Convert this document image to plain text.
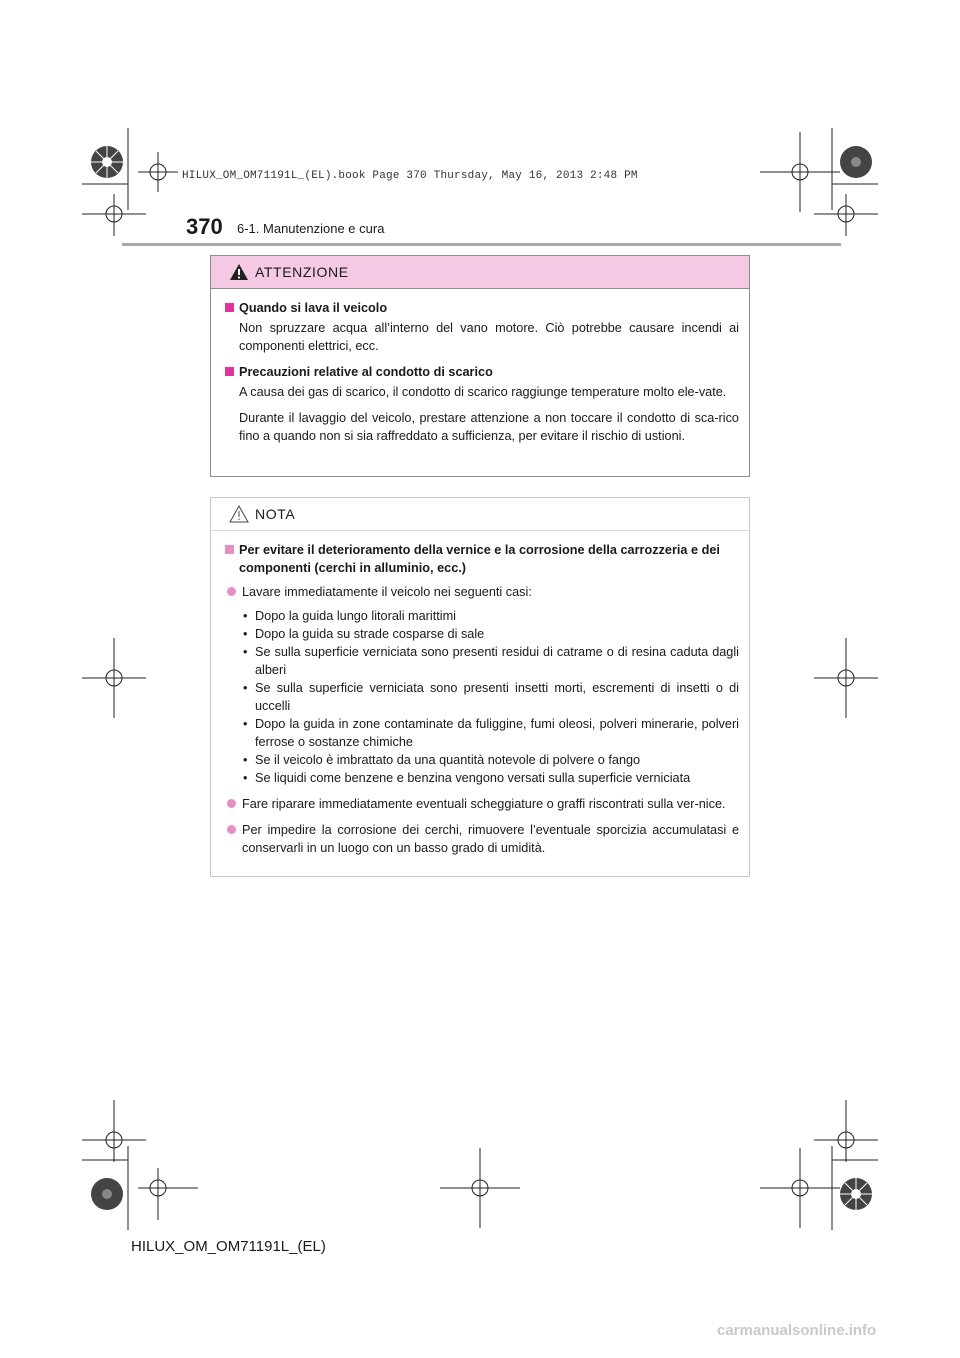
HILUX_OM_OM71191L_(EL).book Page 370 Thursday, May 16, 2013 2:48 PM
370 6-1. Manutenzione e cura
ATTENZIONE
Quando si lava il veicolo
Non spruzzare acqua all’interno del vano motore. Ciò potrebbe causare incendi ai componenti elettrici, ecc.
Precauzioni relative al condotto di scarico
A causa dei gas di scarico, il condotto di scarico raggiunge temperature molto ele-vate.
Durante il lavaggio del veicolo, prestare attenzione a non toccare il condotto di sca-rico fino a quando non si sia raffreddato a sufficienza, per evitare il rischio di ustioni.
NOTA
Per evitare il deterioramento della vernice e la corrosione della carrozzeria e dei componenti (cerchi in alluminio, ecc.)
Lavare immediatamente il veicolo nei seguenti casi:
• Dopo la guida lungo litorali marittimi
• Dopo la guida su strade cosparse di sale
• Se sulla superficie verniciata sono presenti residui di catrame o di resina caduta dagli alberi
• Se sulla superficie verniciata sono presenti insetti morti, escrementi di insetti o di uccelli
• Dopo la guida in zone contaminate da fuliggine, fumi oleosi, polveri minerarie, polveri ferrose o sostanze chimiche
• Se il veicolo è imbrattato da una quantità notevole di polvere o fango
• Se liquidi come benzene e benzina vengono versati sulla superficie verniciata
Fare riparare immediatamente eventuali scheggiature o graffi riscontrati sulla ver-nice.
Per impedire la corrosione dei cerchi, rimuovere l’eventuale sporcizia accumulatasi e conservarli in un luogo con un basso grado di umidità.
HILUX_OM_OM71191L_(EL)
carmanualsonline.info
